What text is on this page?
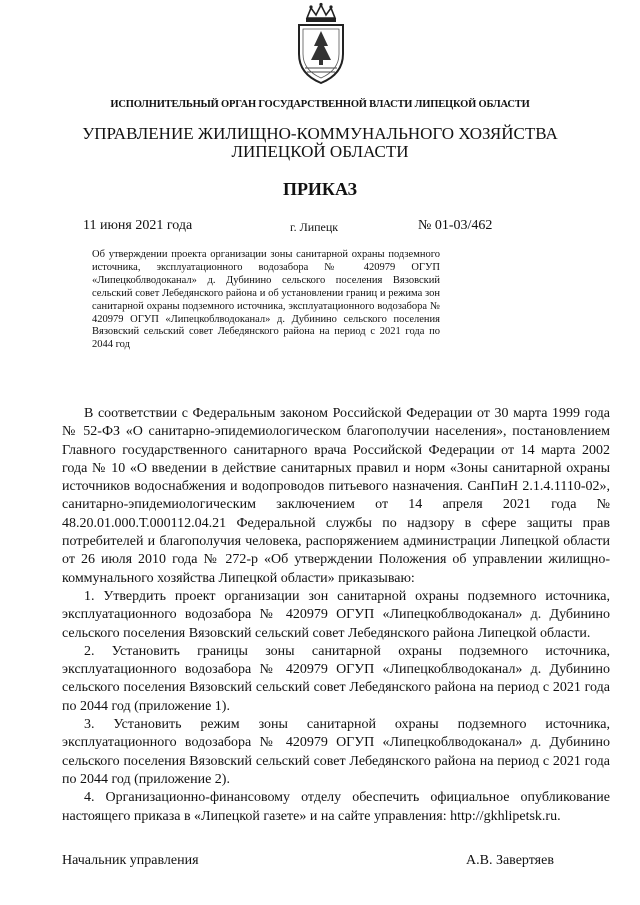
ИСПОЛНИТЕЛЬНЫЙ ОРГАН ГОСУДАРСТВЕННОЙ ВЛАСТИ ЛИПЕЦКОЙ ОБЛАСТИ
УПРАВЛЕНИЕ ЖИЛИЩНО-КОММУНАЛЬНОГО ХОЗЯЙСТВА
ЛИПЕЦКОЙ ОБЛАСТИ
ПРИКАЗ
11 июня 2021 года	г. Липецк	№ 01-03/462
Об утверждении проекта организации зоны санитарной охраны подземного источника, эксплуатационного водозабора № 420979 ОГУП «Липецкоблводоканал» д. Дубинино сельского поселения Вязовский сельский совет Лебедянского района и об установлении границ и режима зон санитарной охраны подземного источника, эксплуатационного водозабора № 420979 ОГУП «Липецкоблводоканал» д. Дубинино сельского поселения Вязовский сельский совет Лебедянского района на период с 2021 года по 2044 год

В соответствии с Федеральным законом Российской Федерации от 30 марта 1999 года № 52-ФЗ «О санитарно-эпидемиологическом благополучии населения», постановлением Главного государственного санитарного врача Российской Федерации от 14 марта 2002 года № 10 «О введении в действие санитарных правил и норм «Зоны санитарной охраны источников водоснабжения и водопроводов питьевого назначения. СанПиН 2.1.4.1110-02», санитарно-эпидемиологическим заключением от 14 апреля 2021 года № 48.20.01.000.Т.000112.04.21 Федеральной службы по надзору в сфере защиты прав потребителей и благополучия человека, распоряжением администрации Липецкой области от 26 июля 2010 года № 272-р «Об утверждении Положения об управлении жилищно-коммунального хозяйства Липецкой области» приказываю:

1. Утвердить проект организации зон санитарной охраны подземного источника, эксплуатационного водозабора № 420979 ОГУП «Липецкоблводоканал» д. Дубинино сельского поселения Вязовский сельский совет Лебедянского района Липецкой области.

2. Установить границы зоны санитарной охраны подземного источника, эксплуатационного водозабора № 420979 ОГУП «Липецкоблводоканал» д. Дубинино сельского поселения Вязовский сельский совет Лебедянского района на период с 2021 года по 2044 год (приложение 1).

3. Установить режим зоны санитарной охраны подземного источника, эксплуатационного водозабора № 420979 ОГУП «Липецкоблводоканал» д. Дубинино сельского поселения Вязовский сельский совет Лебедянского района на период с 2021 года по 2044 год (приложение 2).

4. Организационно-финансовому отделу обеспечить официальное опубликование настоящего приказа в «Липецкой газете» и на сайте управления: http://gkhlipetsk.ru.

Начальник управления	А.В. Завертяев
